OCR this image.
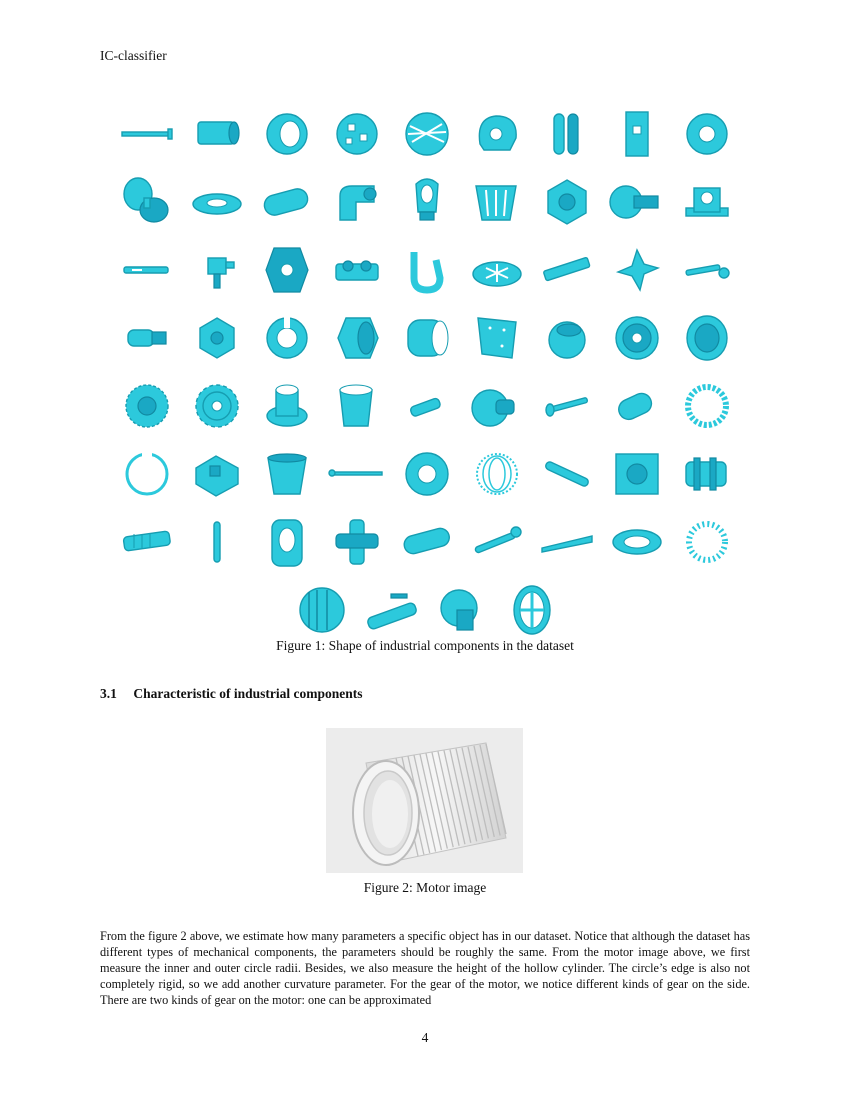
IC-classifier
Figure 1: Shape of industrial components in the dataset
3.1 Characteristic of industrial components
Figure 2: Motor image

From the figure 2 above, we estimate how many parameters a specific object has in our dataset. Notice that although the dataset has different types of mechanical components, the parameters should be roughly the same. From the motor image above, we first measure the inner and outer circle radii. Besides, we also measure the height of the hollow cylinder. The circle’s edge is also not completely rigid, so we add another curvature parameter. For the gear of the motor, we notice different kinds of gear on the side. There are two kinds of gear on the motor: one can be approximated

4
